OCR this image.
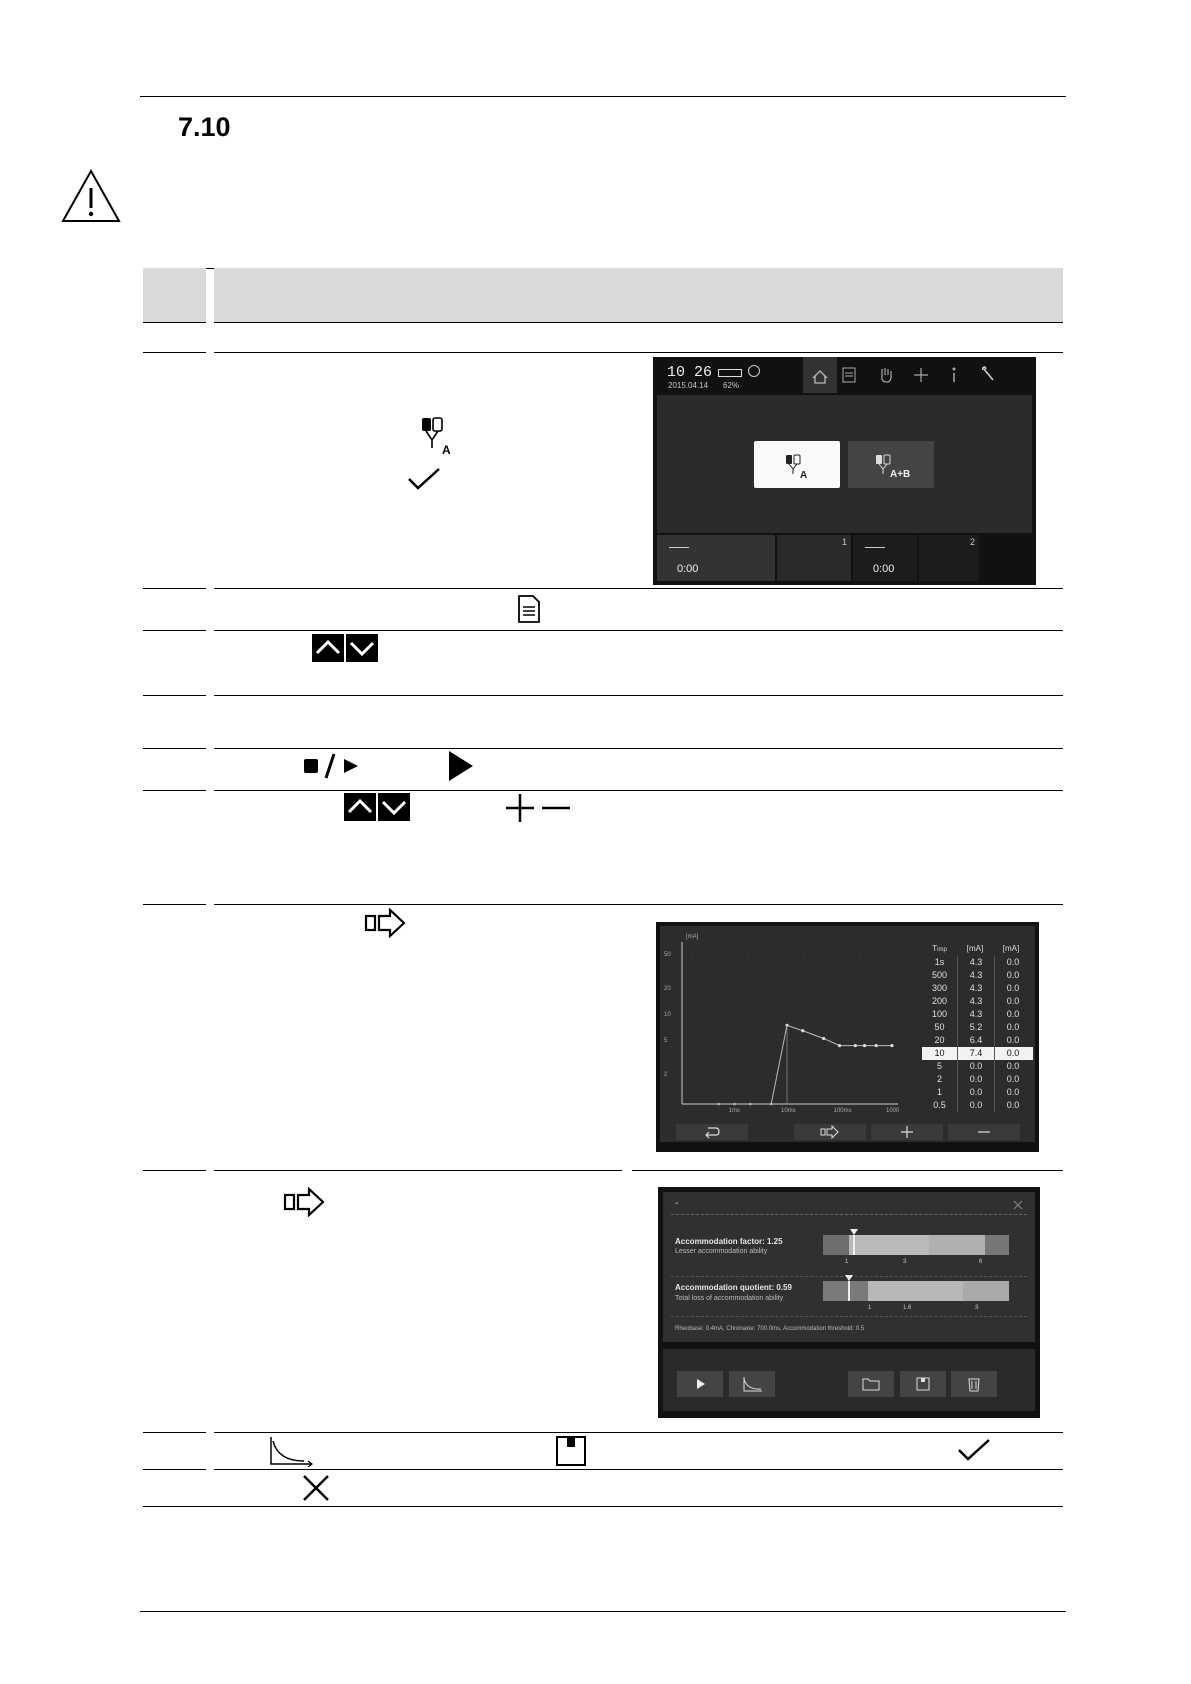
7.10
A
10 26
2015.04.14 62%
A	A+B
0:00
1
0:00
2
[mA]
50
20
10
5
2
1ms	10ms	100ms	1000
Timp	[mA]	[mA]
1s	4.3	0.0
500	4.3	0.0
300	4.3	0.0
200	4.3	0.0
100	4.3	0.0
50	5.2	0.0
20	6.4	0.0
10	7.4	0.0
5	0.0	0.0
2	0.0	0.0
1	0.0	0.0
0.5	0.0	0.0
-
Accommodation factor: 1.25
Lesser accommodation ability
1	3	6
Accommodation quotient: 0.59
Total loss of accommodation ability
1	1.6	3
Rheobase: 0.4mA, Chronaxie: 700.0ms, Accommodation threshold: 0.5
